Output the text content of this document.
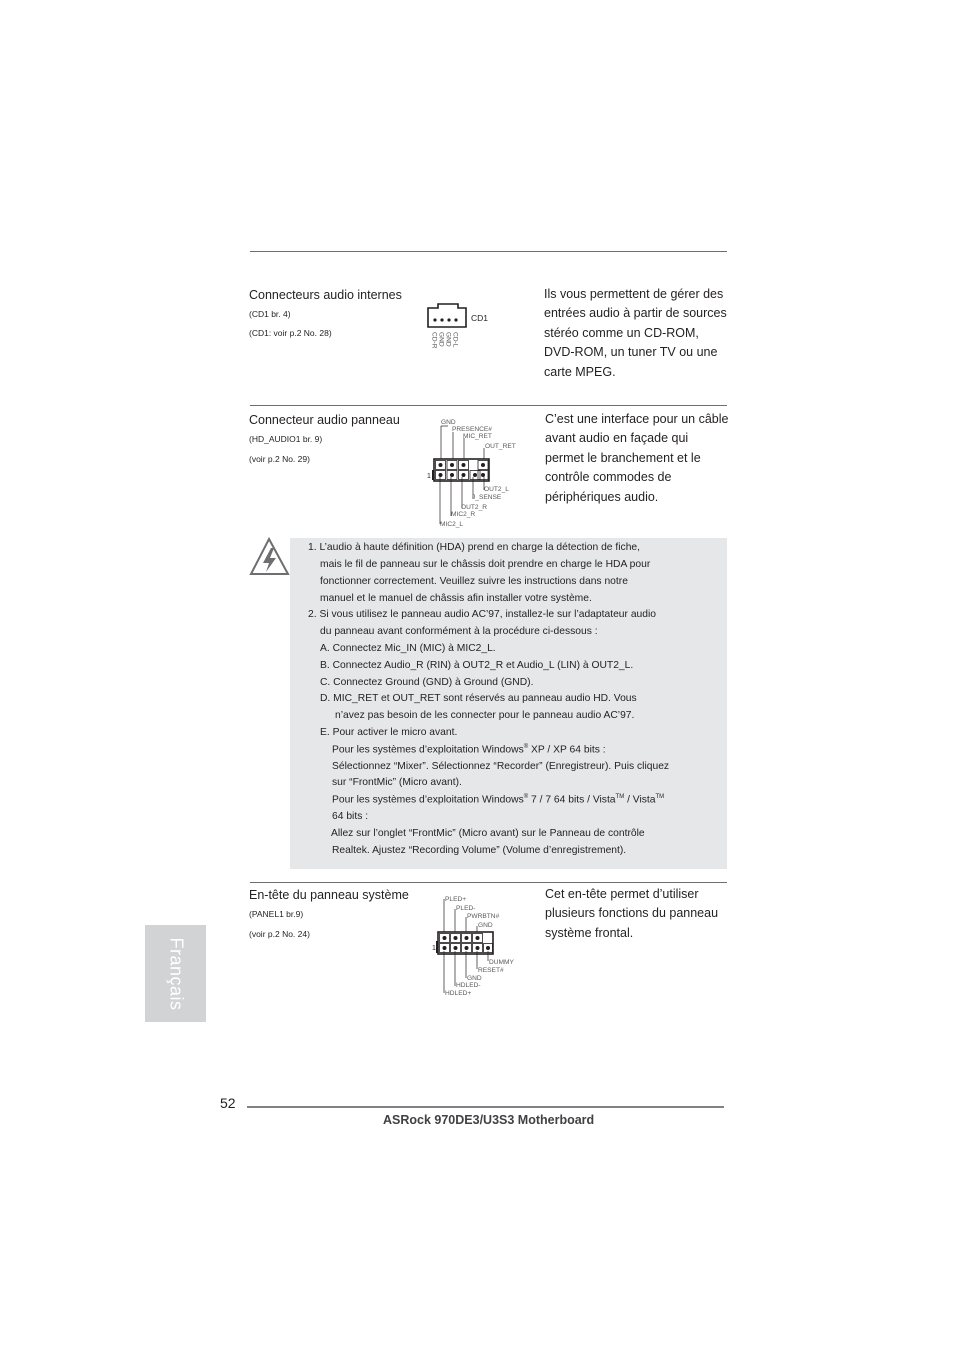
Connecteurs audio internes
(CD1 br. 4)
(CD1: voir p.2 No. 28)	CD-R GND GND CD-L
CD1
Ils vous permettent de gérer des entrées audio à partir de sources stéréo comme un CD-ROM, DVD-ROM, un tuner TV ou une carte MPEG.
Connecteur audio panneau
(HD_AUDIO1 br. 9)
(voir p.2 No. 29)
1
GND
PRESENCE#
MIC_RET
OUT_RET
OUT2_L
J_SENSE
OUT2_R
MIC2_R
MIC2_L
C’est une interface pour un câble avant audio en façade qui permet le branchement et le contrôle commodes de périphériques audio.
1. L’audio à haute définition (HDA) prend en charge la détection de fiche,
mais le fil de panneau sur le châssis doit prendre en charge le HDA pour
fonctionner correctement. Veuillez suivre les instructions dans notre
manuel et le manuel de châssis afin installer votre système.
2. Si vous utilisez le panneau audio AC’97, installez-le sur l’adaptateur audio
du panneau avant conformément à la procédure ci-dessous :
A. Connectez Mic_IN (MIC) à MIC2_L.
B. Connectez Audio_R (RIN) à OUT2_R et Audio_L (LIN) à OUT2_L.
C. Connectez Ground (GND) à Ground (GND).
D. MIC_RET et OUT_RET sont réservés au panneau audio HD. Vous
n’avez pas besoin de les connecter pour le panneau audio AC’97.
E. Pour activer le micro avant.
Pour les systèmes d’exploitation Windows® XP / XP 64 bits :
Sélectionnez “Mixer”. Sélectionnez “Recorder” (Enregistreur). Puis cliquez
sur “FrontMic” (Micro avant).
Pour les systèmes d’exploitation Windows® 7 / 7 64 bits / Vista™ / Vista™
64 bits :
Allez sur l’onglet “FrontMic” (Micro avant) sur le Panneau de contrôle
Realtek. Ajustez “Recording Volume” (Volume d’enregistrement).
En-tête du panneau système
(PANEL1 br.9)
(voir p.2 No. 24)
1
PLED+
PLED-
PWRBTN#
GND
DUMMY
RESET#
GND
HDLED-
HDLED+
Cet en-tête permet d’utiliser plusieurs fonctions du panneau système frontal.
Français
52
ASRock 970DE3/U3S3 Motherboard
